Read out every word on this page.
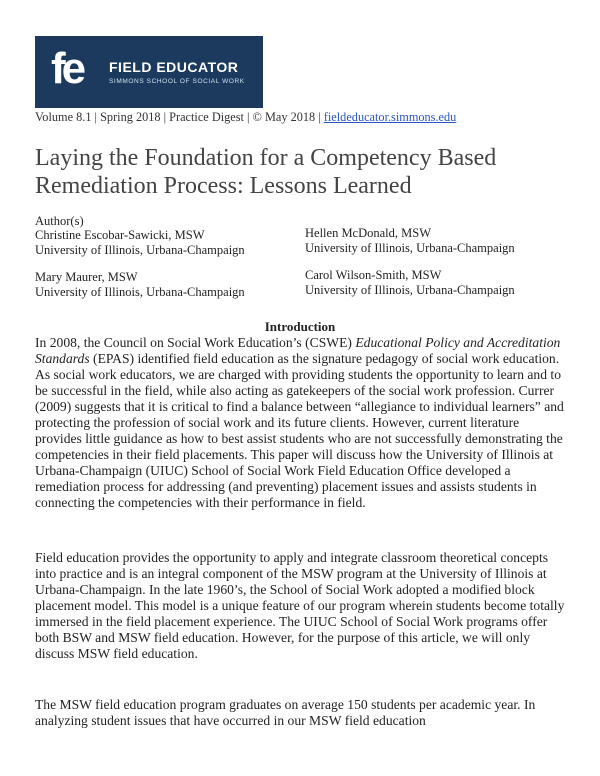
fe FIELD EDUCATOR
SIMMONS SCHOOL OF SOCIAL WORK
Volume 8.1 | Spring 2018 | Practice Digest | © May 2018 | fieldeducator.simmons.edu
Laying the Foundation for a Competency Based
Remediation Process: Lessons Learned
Author(s)
Christine Escobar-Sawicki, MSW
University of Illinois, Urbana-Champaign
Mary Maurer, MSW
University of Illinois, Urbana-Champaign
Hellen McDonald, MSW
University of Illinois, Urbana-Champaign
Carol Wilson-Smith, MSW
University of Illinois, Urbana-Champaign
Introduction

In 2008, the Council on Social Work Education’s (CSWE) Educational Policy and Accreditation Standards (EPAS) identified field education as the signature pedagogy of social work education. As social work educators, we are charged with providing students the opportunity to learn and to be successful in the field, while also acting as gatekeepers of the social work profession. Currer (2009) suggests that it is critical to find a balance between “allegiance to individual learners” and protecting the profession of social work and its future clients. However, current literature provides little guidance as how to best assist students who are not successfully demonstrating the competencies in their field placements. This paper will discuss how the University of Illinois at Urbana-Champaign (UIUC) School of Social Work Field Education Office developed a remediation process for addressing (and preventing) placement issues and assists students in connecting the competencies with their performance in field.

Field education provides the opportunity to apply and integrate classroom theoretical concepts into practice and is an integral component of the MSW program at the University of Illinois at Urbana-Champaign. In the late 1960’s, the School of Social Work adopted a modified block placement model. This model is a unique feature of our program wherein students become totally immersed in the field placement experience. The UIUC School of Social Work programs offer both BSW and MSW field education. However, for the purpose of this article, we will only discuss MSW field education.

The MSW field education program graduates on average 150 students per academic year. In analyzing student issues that have occurred in our MSW field education
